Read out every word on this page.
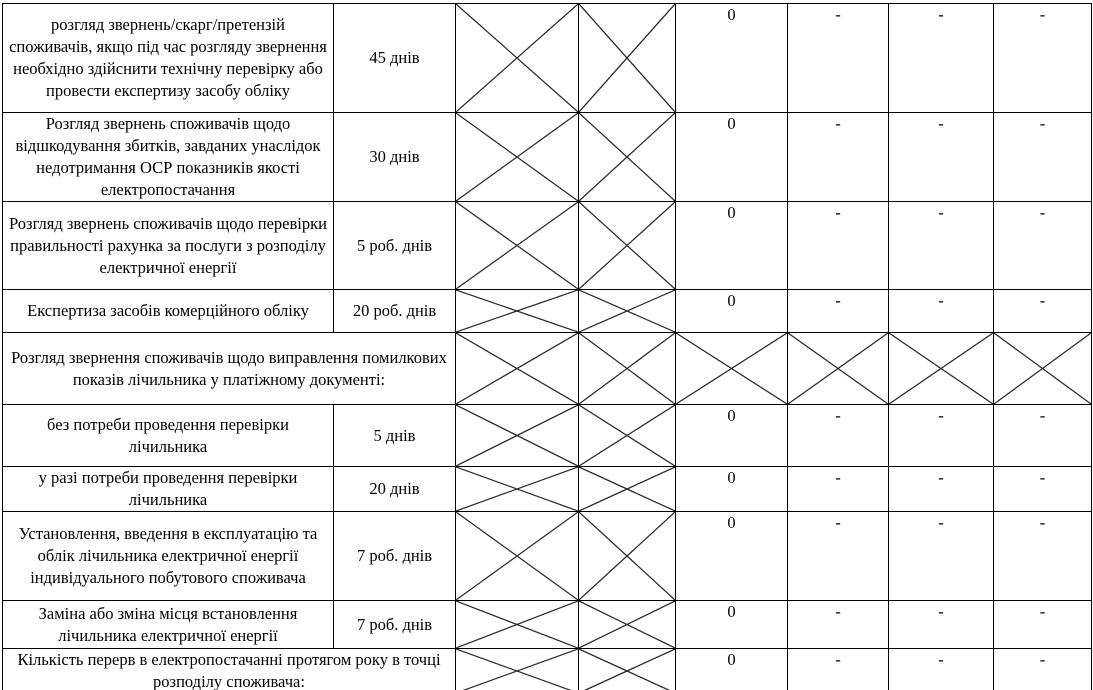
розгляд звернень/скарг/претензій споживачів, якщо під час розгляду звернення необхідно здійснити технічну перевірку або провести експертизу засобу обліку	45 днів			0	-	-	-
Розгляд звернень споживачів щодо відшкодування збитків, завданих унаслідок недотримання ОСР показників якості електропостачання	30 днів			0	-	-	-
Розгляд звернень споживачів щодо перевірки правильності рахунка за послуги з розподілу електричної енергії	5 роб. днів			0	-	-	-
Експертиза засобів комерційного обліку	20 роб. днів			0	-	-	-
Розгляд звернення споживачів щодо виправлення помилкових показів лічильника у платіжному документі:	

без потреби проведення перевірки лічильника	5 днів			0	-	-	-
у разі потреби проведення перевірки лічильника	20 днів			0	-	-	-
Установлення, введення в експлуатацію та облік лічильника електричної енергії індивідуального побутового споживача	7 роб. днів			0	-	-	-
Заміна або зміна місця встановлення лічильника електричної енергії	7 роб. днів			0	-	-	-
Кількість перерв в електропостачанні протягом року в точці розподілу споживача:				0	-	-	-
